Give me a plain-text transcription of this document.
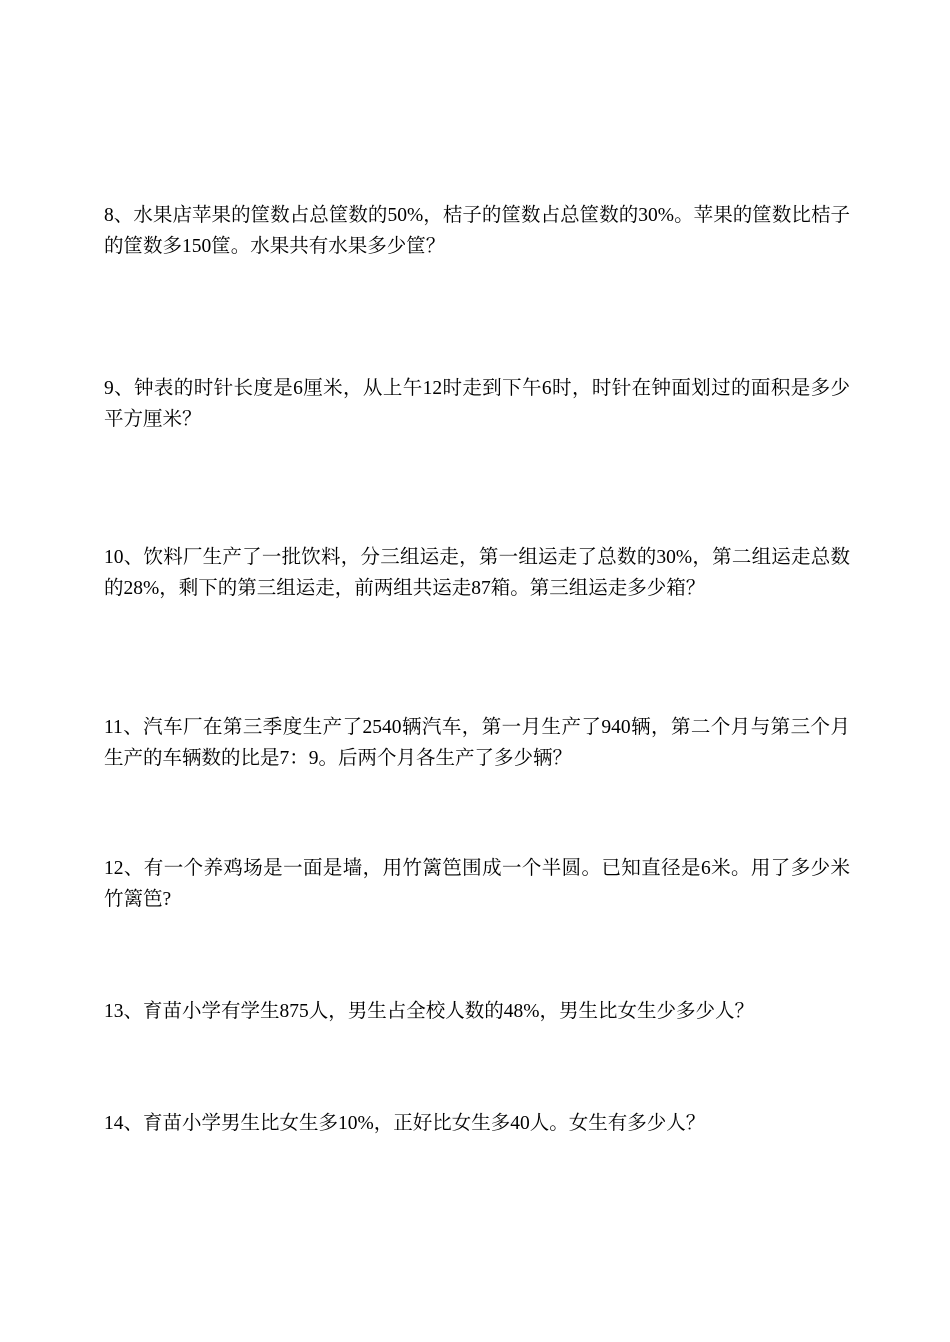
8、水果店苹果的筐数占总筐数的50%，桔子的筐数占总筐数的30%。苹果的筐数比桔子的筐数多150筐。水果共有水果多少筐？

9、钟表的时针长度是6厘米，从上午12时走到下午6时，时针在钟面划过的面积是多少平方厘米？

10、饮料厂生产了一批饮料，分三组运走，第一组运走了总数的30%，第二组运走总数的28%，剩下的第三组运走，前两组共运走87箱。第三组运走多少箱？

11、汽车厂在第三季度生产了2540辆汽车，第一月生产了940辆，第二个月与第三个月生产的车辆数的比是7：9。后两个月各生产了多少辆？

12、有一个养鸡场是一面是墙，用竹篱笆围成一个半圆。已知直径是6米。用了多少米竹篱笆?

13、育苗小学有学生875人，男生占全校人数的48%，男生比女生少多少人？

14、育苗小学男生比女生多10%，正好比女生多40人。女生有多少人？
